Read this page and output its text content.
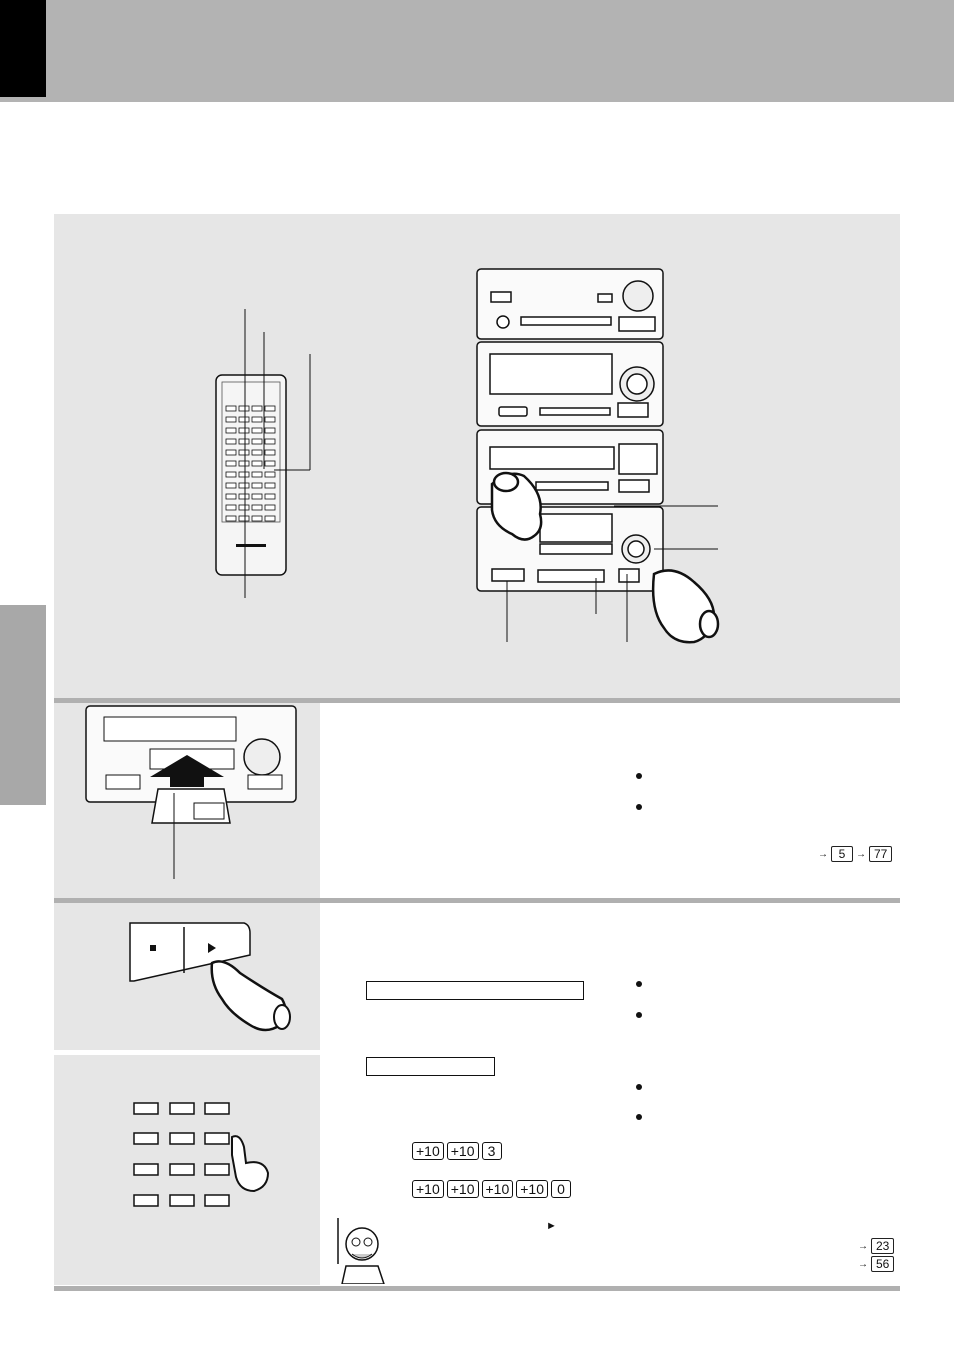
→ 5	→ 77
+10 +10 3
+10 +10 +10 +10 0
►
→ 23
→ 56
